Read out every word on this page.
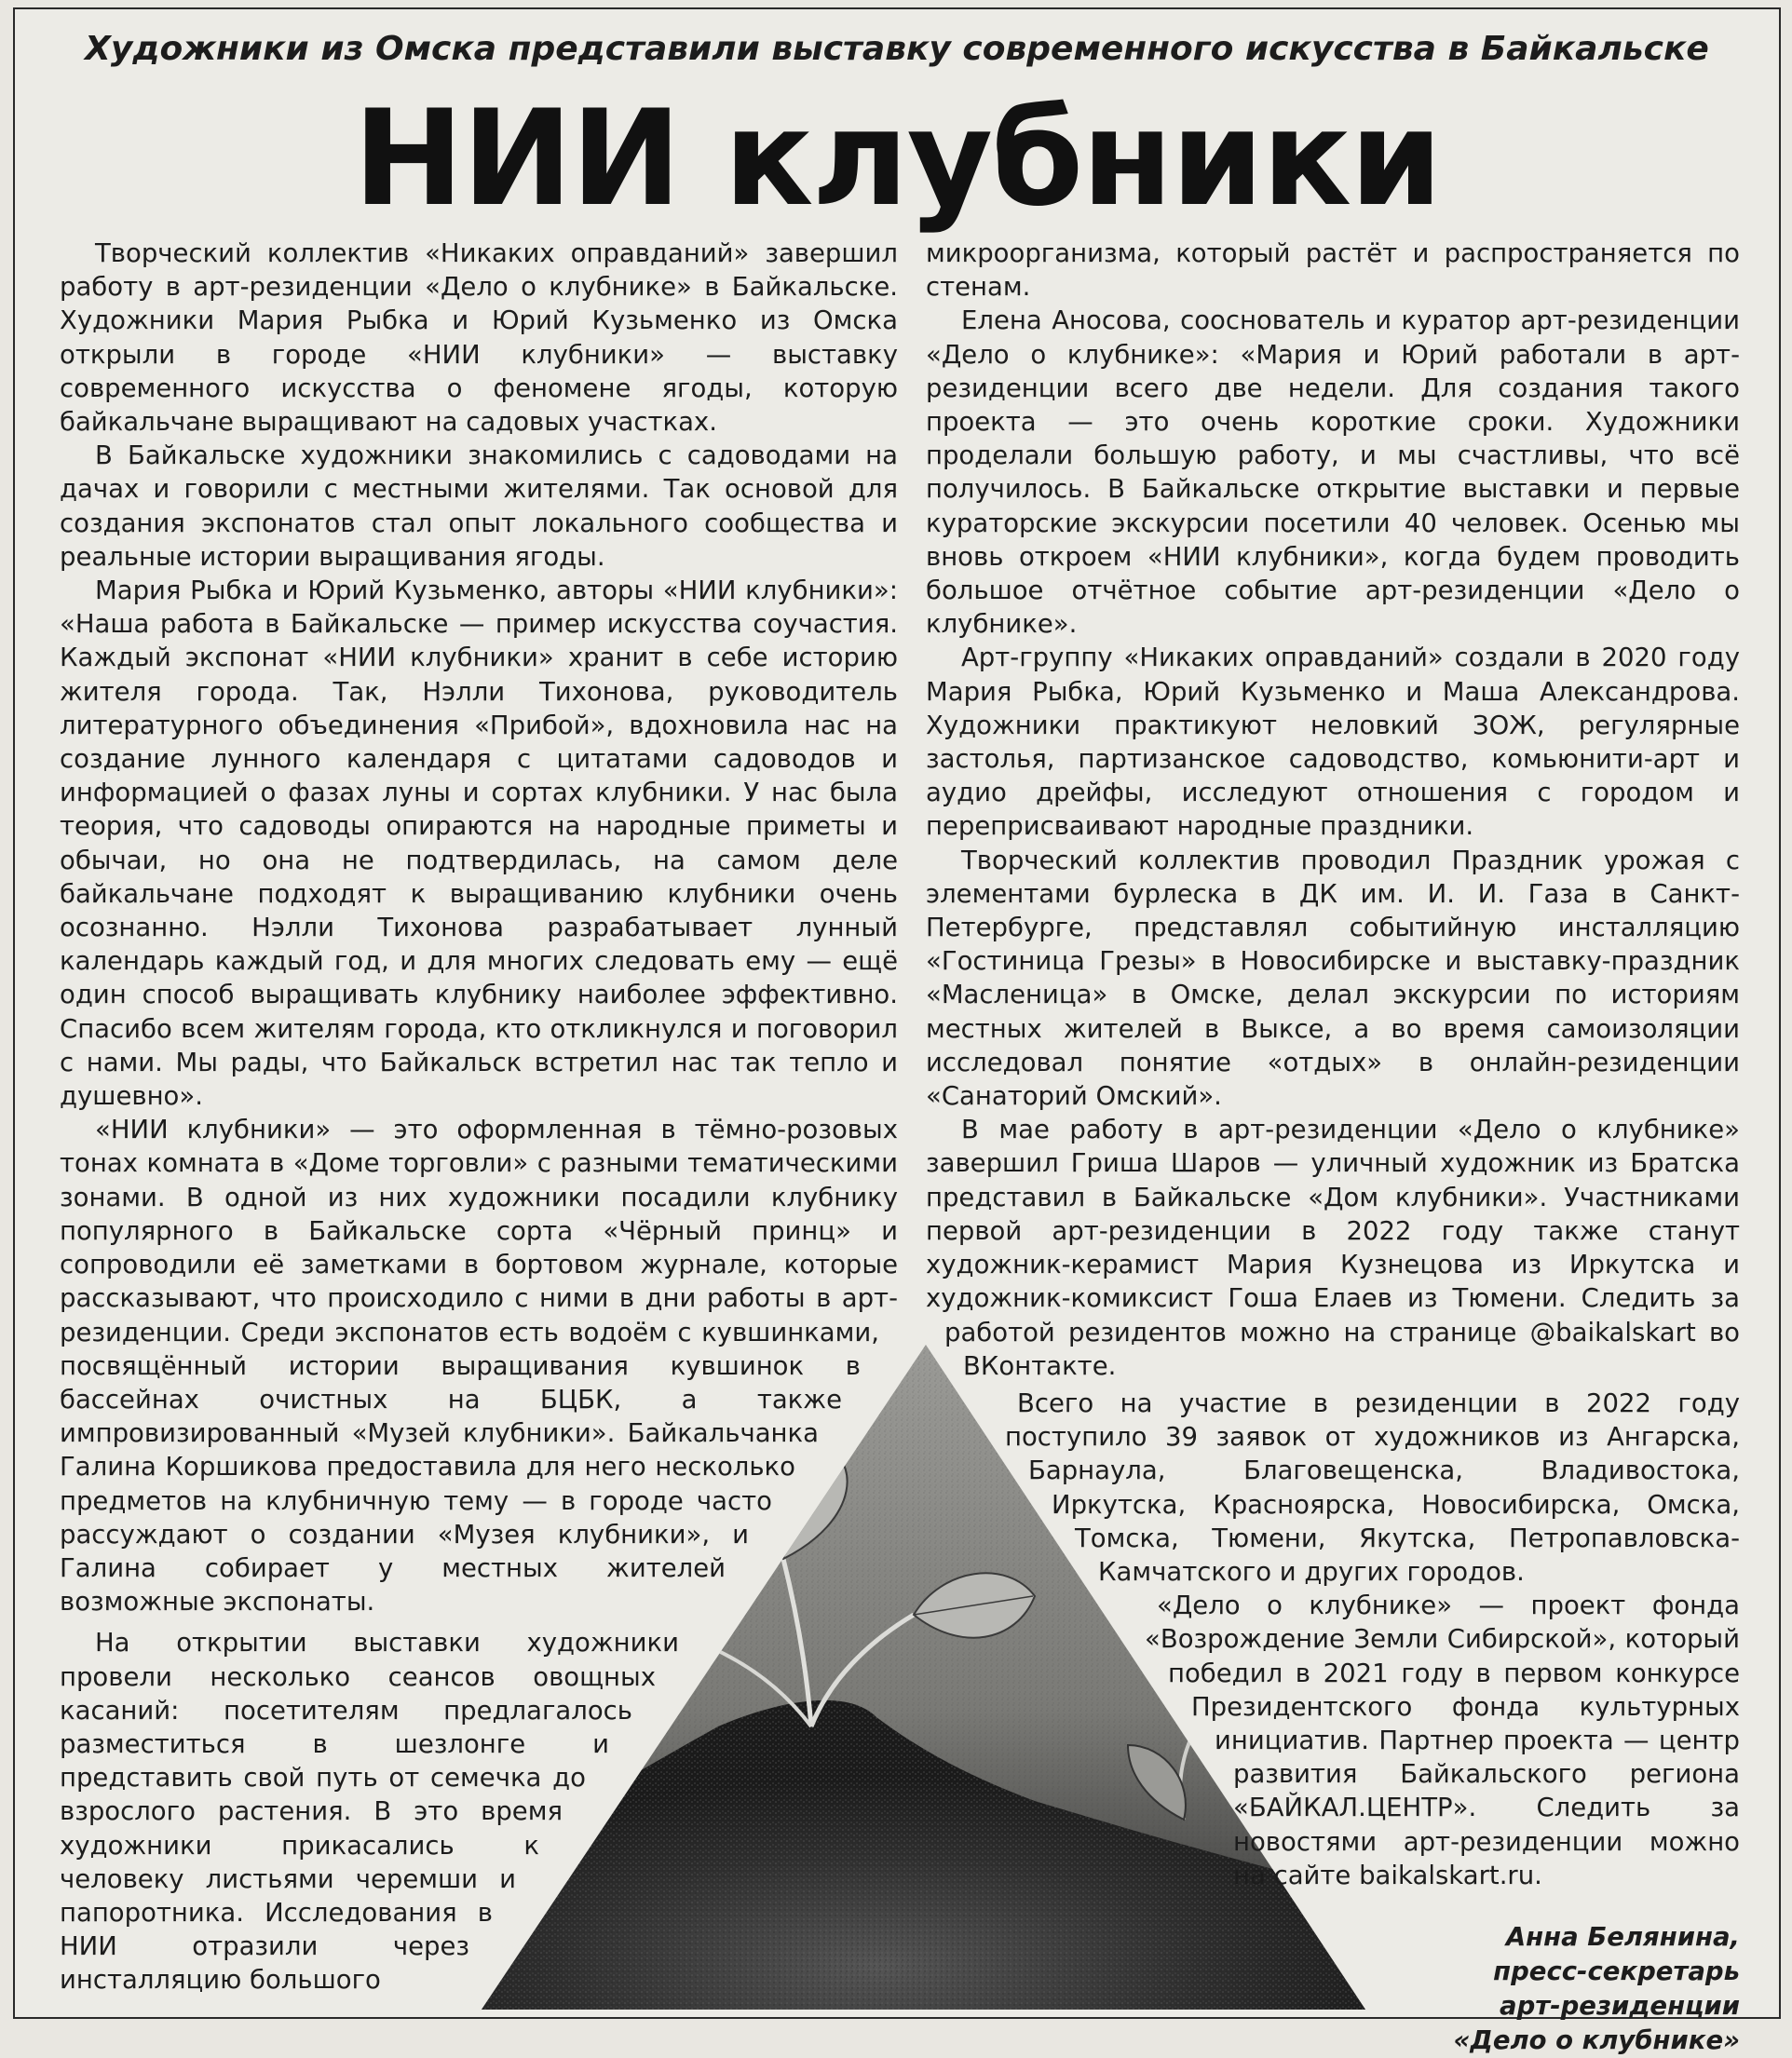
Художники из Омска представили выставку современного искусства в Байкальске
НИИ клубники

Творческий коллектив «Никаких оправданий» завершил работу в арт-резиденции «Дело о клубнике» в Байкальске. Художники Мария Рыбка и Юрий Кузьменко из Омска открыли в городе «НИИ клубники» — выставку современного искусства о феномене ягоды, которую байкальчане выращивают на садовых участках.

В Байкальске художники знакомились с садоводами на дачах и говорили с местными жителями. Так основой для создания экспонатов стал опыт локального сообщества и реальные истории выращивания ягоды.

Мария Рыбка и Юрий Кузьменко, авторы «НИИ клубники»: «Наша работа в Байкальске — пример искусства соучастия. Каждый экспонат «НИИ клубники» хранит в себе историю жителя города. Так, Нэлли Тихонова, руководитель литературного объединения «Прибой», вдохновила нас на создание лунного календаря с цитатами садоводов и информацией о фазах луны и сортах клубники. У нас была теория, что садоводы опираются на народные приметы и обычаи, но она не подтвердилась, на самом деле байкальчане подходят к выращиванию клубники очень осознанно. Нэлли Тихонова разрабатывает лунный календарь каждый год, и для многих следовать ему — ещё один способ выращивать клубнику наиболее эффективно. Спасибо всем жителям города, кто откликнулся и поговорил с нами. Мы рады, что Байкальск встретил нас так тепло и душевно».

«НИИ клубники» — это оформленная в тёмно-розовых тонах комната в «Доме торговли» с разными тематическими зонами. В одной из них художники посадили клубнику популярного в Байкальске сорта «Чёрный принц» и сопроводили её заметками в бортовом журнале, которые рассказывают, что происходило с ними в дни работы в арт-резиденции. Среди экспонатов есть водоём с кувшинками, посвящённый истории выращивания кувшинок в бассейнах очистных на БЦБК, а также импровизированный «Музей клубники». Байкальчанка Галина Коршикова предоставила для него несколько предметов на клубничную тему — в городе часто рассуждают о создании «Музея клубники», и Галина собирает у местных жителей возможные экспонаты.

На открытии выставки художники провели несколько сеансов овощных касаний: посетителям предлагалось разместиться в шезлонге и представить свой путь от семечка до взрослого растения. В это время художники прикасались к человеку листьями черемши и папоротника. Исследования в НИИ отразили через инсталляцию большого

микроорганизма, который растёт и распространяется по стенам.

Елена Аносова, сооснователь и куратор арт-резиденции «Дело о клубнике»: «Мария и Юрий работали в арт-резиденции всего две недели. Для создания такого проекта — это очень короткие сроки. Художники проделали большую работу, и мы счастливы, что всё получилось. В Байкальске открытие выставки и первые кураторские экскурсии посетили 40 человек. Осенью мы вновь откроем «НИИ клубники», когда будем проводить большое отчётное событие арт-резиденции «Дело о клубнике».

Арт-группу «Никаких оправданий» создали в 2020 году Мария Рыбка, Юрий Кузьменко и Маша Александрова. Художники практикуют неловкий ЗОЖ, регулярные застолья, партизанское садоводство, комьюнити-арт и аудио дрейфы, исследуют отношения с городом и переприсваивают народные праздники.

Творческий коллектив проводил Праздник урожая с элементами бурлеска в ДК им. И. И. Газа в Санкт-Петербурге, представлял событийную инсталляцию «Гостиница Грезы» в Новосибирске и выставку-праздник «Масленица» в Омске, делал экскурсии по историям местных жителей в Выксе, а во время самоизоляции исследовал понятие «отдых» в онлайн-резиденции «Санаторий Омский».

В мае работу в арт-резиденции «Дело о клубнике» завершил Гриша Шаров — уличный художник из Братска представил в Байкальске «Дом клубники». Участниками первой арт-резиденции в 2022 году также станут художник-керамист Мария Кузнецова из Иркутска и художник-комиксист Гоша Елаев из Тюмени. Следить за работой резидентов можно на странице @baikalskart во ВКонтакте.

Всего на участие в резиденции в 2022 году поступило 39 заявок от художников из Ангарска, Барнаула, Благовещенска, Владивостока, Иркутска, Красноярска, Новосибирска, Омска, Томска, Тюмени, Якутска, Петропавловска-Камчатского и других городов.

«Дело о клубнике» — проект фонда «Возрождение Земли Сибирской», который победил в 2021 году в первом конкурсе Президентского фонда культурных инициатив. Партнер проекта — центр развития Байкальского региона «БАЙКАЛ.ЦЕНТР». Следить за новостями арт-резиденции можно на сайте baikalskart.ru.

Анна Белянина,
пресс-секретарь
арт-резиденции
«Дело о клубнике»
